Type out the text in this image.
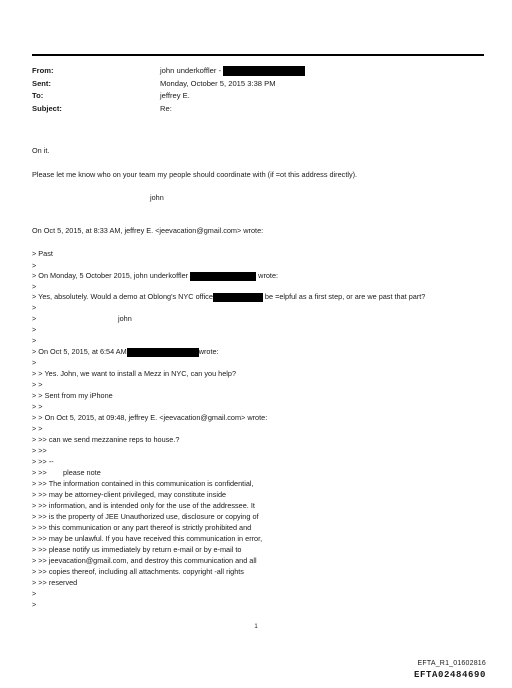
From:	john underkoffler -
Sent:	Monday, October 5, 2015 3:38 PM
To:	jeffrey E.
Subject:	Re:
On it.
Please let me know who on your team my people should coordinate with (if =ot this address directly).
john
On Oct 5, 2015, at 8:33 AM, jeffrey E. <jeevacation@gmail.com> wrote:
> Past
>
> On Monday, 5 October 2015, john underkoffler	wrote:
>
> Yes, absolutely. Would a demo at Oblong's NYC office	be =elpful as a first step, or are we past that part?
>
>	john
>
>
> On Oct 5, 2015, at 6:54 AM	wrote:
>
> > Yes. John, we want to install a Mezz in NYC, can you help?
> >
> > Sent from my iPhone
> >
> > On Oct 5, 2015, at 09:48, jeffrey E. <jeevacation@gmail.com> wrote:
> >
> >> can we send mezzanine reps to house.?
> >>
> >> --
> >>        please note
> >> The information contained in this communication is confidential,
> >> may be attorney-client privileged, may constitute inside
> >> information, and is intended only for the use of the addressee. It
> >> is the property of JEE Unauthorized use, disclosure or copying of
> >> this communication or any part thereof is strictly prohibited and
> >> may be unlawful. If you have received this communication in error,
> >> please notify us immediately by return e-mail or by e-mail to
> >> jeevacation@gmail.com, and destroy this communication and all
> >> copies thereof, including all attachments. copyright -all rights
> >> reserved
>
>
1
EFTA_R1_01602816
EFTA02484690
